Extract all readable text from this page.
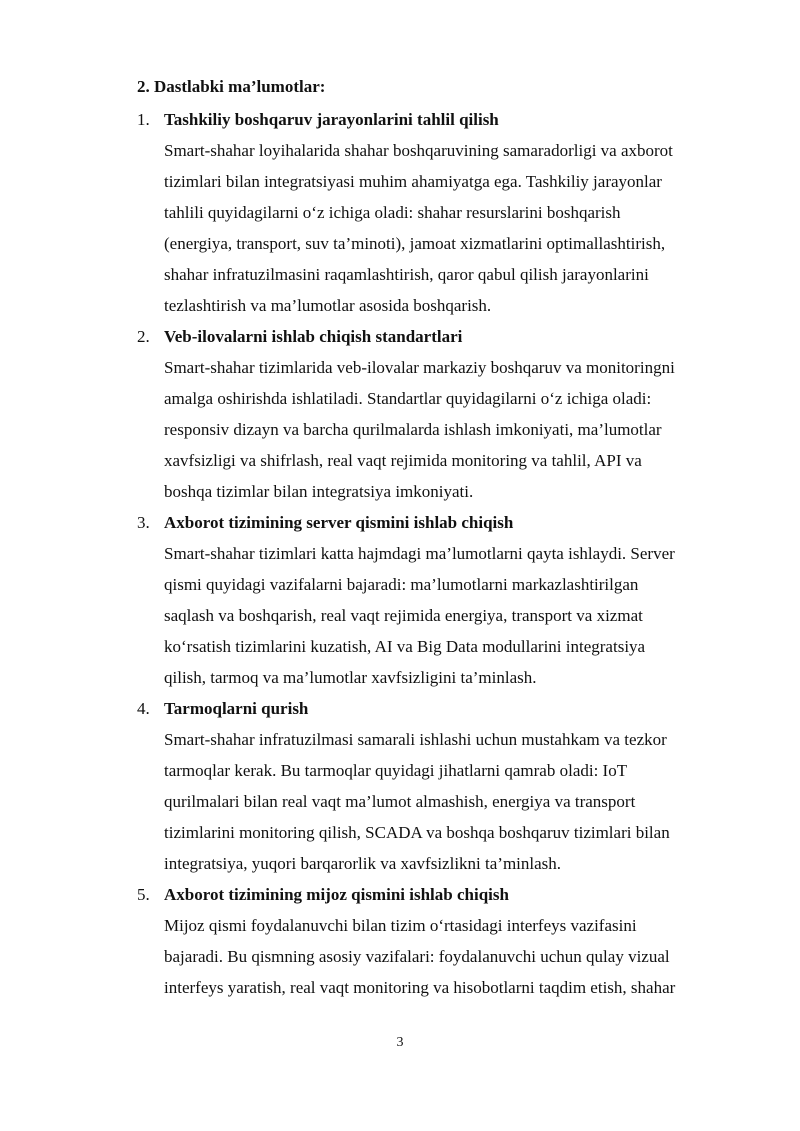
2. Dastlabki ma’lumotlar:
1. Tashkiliy boshqaruv jarayonlarini tahlil qilish
Smart-shahar loyihalarida shahar boshqaruvining samaradorligi va axborot
tizimlari bilan integratsiyasi muhim ahamiyatga ega. Tashkiliy jarayonlar
tahlili quyidagilarni o‘z ichiga oladi: shahar resurslarini boshqarish
(energiya, transport, suv ta’minoti), jamoat xizmatlarini optimallashtirish,
shahar infratuzilmasini raqamlashtirish, qaror qabul qilish jarayonlarini
tezlashtirish va ma’lumotlar asosida boshqarish.
2. Veb-ilovalarni ishlab chiqish standartlari
Smart-shahar tizimlarida veb-ilovalar markaziy boshqaruv va monitoringni
amalga oshirishda ishlatiladi. Standartlar quyidagilarni o‘z ichiga oladi:
responsiv dizayn va barcha qurilmalarda ishlash imkoniyati, ma’lumotlar
xavfsizligi va shifrlash, real vaqt rejimida monitoring va tahlil, API va
boshqa tizimlar bilan integratsiya imkoniyati.
3. Axborot tizimining server qismini ishlab chiqish
Smart-shahar tizimlari katta hajmdagi ma’lumotlarni qayta ishlaydi. Server
qismi quyidagi vazifalarni bajaradi: ma’lumotlarni markazlashtirilgan
saqlash va boshqarish, real vaqt rejimida energiya, transport va xizmat
ko‘rsatish tizimlarini kuzatish, AI va Big Data modullarini integratsiya
qilish, tarmoq va ma’lumotlar xavfsizligini ta’minlash.
4. Tarmoqlarni qurish
Smart-shahar infratuzilmasi samarali ishlashi uchun mustahkam va tezkor
tarmoqlar kerak. Bu tarmoqlar quyidagi jihatlarni qamrab oladi: IoT
qurilmalari bilan real vaqt ma’lumot almashish, energiya va transport
tizimlarini monitoring qilish, SCADA va boshqa boshqaruv tizimlari bilan
integratsiya, yuqori barqarorlik va xavfsizlikni ta’minlash.
5. Axborot tizimining mijoz qismini ishlab chiqish
Mijoz qismi foydalanuvchi bilan tizim o‘rtasidagi interfeys vazifasini
bajaradi. Bu qismning asosiy vazifalari: foydalanuvchi uchun qulay vizual
interfeys yaratish, real vaqt monitoring va hisobotlarni taqdim etish, shahar
3
